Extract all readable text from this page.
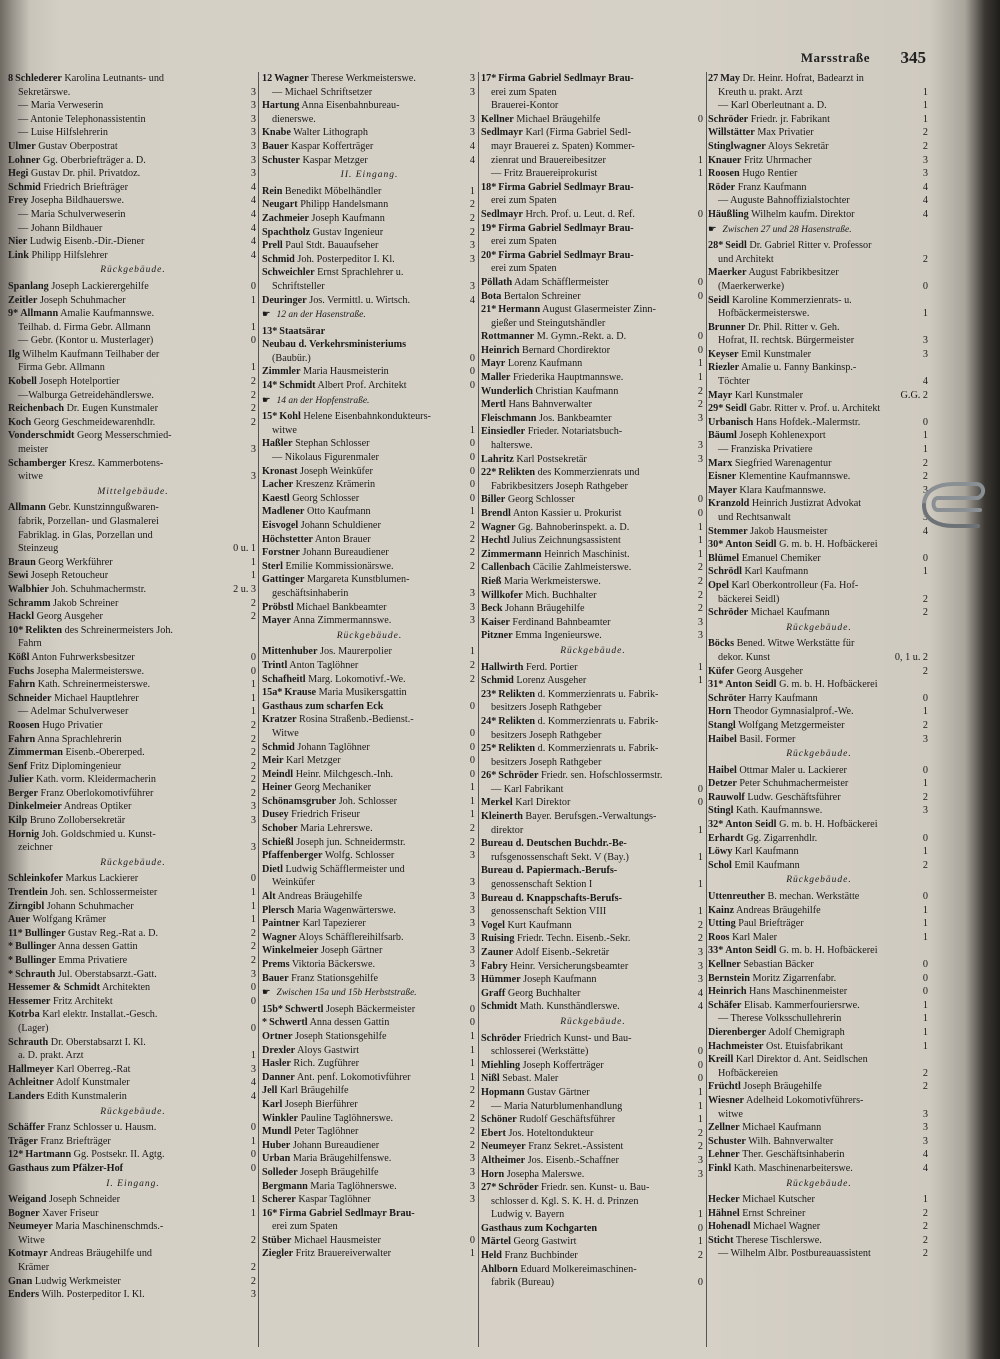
Marsstraße 345
8 Schlederer Karolina Leutnants- und
Sekretärswe.	3
— Maria Verweserin	3
— Antonie Telephonassistentin	3
— Luise Hilfslehrerin	3
Ulmer Gustav Oberpostrat	3
Lohner Gg. Oberbriefträger a. D.	3
Hegi Gustav Dr. phil. Privatdoz.	3
Schmid Friedrich Briefträger	4
Frey Josepha Bildhauerswe.	4
— Maria Schulverweserin	4
— Johann Bildhauer	4
Nier Ludwig Eisenb.-Dir.-Diener	4
Link Philipp Hilfslehrer	4
Rückgebäude.
Spanlang Joseph Lackierergehilfe	0
Zeitler Joseph Schuhmacher	1
9* Allmann Amalie Kaufmannswe.
Teilhab. d. Firma Gebr. Allmann	1
— Gebr. (Kontor u. Musterlager)	0
Ilg Wilhelm Kaufmann Teilhaber der
Firma Gebr. Allmann	1
Kobell Joseph Hotelportier	2
—Walburga Getreidehändlerswe.	2
Reichenbach Dr. Eugen Kunstmaler	2
Koch Georg Geschmeidewarenhdlr.	2
Vonderschmidt Georg Messerschmied-
meister	3
Schamberger Kresz. Kammerbotens-
witwe	3
Mittelgebäude.
Allmann Gebr. Kunstzinngußwaren-
fabrik, Porzellan- und Glasmalerei
Fabriklag. in Glas, Porzellan und
Steinzeug	0 u. 1
Braun Georg Werkführer	1
Sewi Joseph Retoucheur	1
Walbhier Joh. Schuhmachermstr.	2 u. 3
Schramm Jakob Schreiner	2
Hackl Georg Ausgeher	2
10* Relikten des Schreinermeisters Joh.
Fahrn
Kößl Anton Fuhrwerksbesitzer	0
Fuchs Josepha Malermeisterswe.	0
Fahrn Kath. Schreinermeisterswe.	1
Schneider Michael Hauptlehrer	1
— Adelmar Schulverweser	1
Roosen Hugo Privatier	2
Fahrn Anna Sprachlehrerin	2
Zimmerman Eisenb.-Obererped.	2
Senf Fritz Diplomingenieur	2
Julier Kath. vorm. Kleidermacherin	2
Berger Franz Oberlokomotivführer	2
Dinkelmeier Andreas Optiker	3
Kilp Bruno Zollobersekretär	3
Hornig Joh. Goldschmied u. Kunst-
zeichner	3
Rückgebäude.
Schleinkofer Markus Lackierer	0
Trentlein Joh. sen. Schlossermeister	1
Zirngibl Johann Schuhmacher	1
Auer Wolfgang Krämer	1
11* Bullinger Gustav Reg.-Rat a. D.	2
* Bullinger Anna dessen Gattin	2
* Bullinger Emma Privatiere	2
* Schrauth Jul. Oberstabsarzt.-Gatt.	3
Hessemer & Schmidt Architekten	0
Hessemer Fritz Architekt	0
Kotrba Karl elektr. Installat.-Gesch.
(Lager)	0
Schrauth Dr. Oberstabsarzt I. Kl.
a. D. prakt. Arzt	1
Hallmeyer Karl Oberreg.-Rat	3
Achleitner Adolf Kunstmaler	4
Landers Edith Kunstmalerin	4
Rückgebäude.
Schäffer Franz Schlosser u. Hausm.	0
Träger Franz Briefträger	1
12* Hartmann Gg. Postsekr. II. Agtg.	0
Gasthaus zum Pfälzer-Hof	0
I. Eingang.
Weigand Joseph Schneider	1
Bogner Xaver Friseur	1
Neumeyer Maria Maschinenschmds.-
Witwe	2
Kotmayr Andreas Bräugehilfe und
Krämer	2
Gnan Ludwig Werkmeister	2
Enders Wilh. Posterpeditor I. Kl.	3
12 Wagner Therese Werkmeisterswe.	3
— Michael Schriftsetzer	3
Hartung Anna Eisenbahnbureau-
dienerswe.	3
Knabe Walter Lithograph	3
Bauer Kaspar Kofferträger	4
Schuster Kaspar Metzger	4
II. Eingang.
Rein Benedikt Möbelhändler	1
Neugart Philipp Handelsmann	2
Zachmeier Joseph Kaufmann	2
Spachtholz Gustav Ingenieur	2
Prell Paul Stdt. Bauaufseher	3
Schmid Joh. Posterpeditor I. Kl.	3
Schweichler Ernst Sprachlehrer u.
Schriftsteller	3
Deuringer Jos. Vermittl. u. Wirtsch.	4
☛ 12 an der Hasenstraße.
13* Staatsärar
Neubau d. Verkehrsministeriums
(Baubür.)	0
Zimmler Maria Hausmeisterin	0
14* Schmidt Albert Prof. Architekt	0
☛ 14 an der Hopfenstraße.
15* Kohl Helene Eisenbahnkondukteurs-
witwe	1
Haßler Stephan Schlosser	0
— Nikolaus Figurenmaler	0
Kronast Joseph Weinküfer	0
Lacher Kreszenz Krämerin	0
Kaestl Georg Schlosser	0
Madlener Otto Kaufmann	1
Eisvogel Johann Schuldiener	2
Höchstetter Anton Brauer	2
Forstner Johann Bureaudiener	2
Sterl Emilie Kommissionärswe.	2
Gattinger Margareta Kunstblumen-
geschäftsinhaberin	3
Pröbstl Michael Bankbeamter	3
Mayer Anna Zimmermannswe.	3
Rückgebäude.
Mittenhuber Jos. Maurerpolier	1
Trintl Anton Taglöhner	2
Schafheitl Marg. Lokomotivf.-We.	2
15a* Krause Maria Musikersgattin
Gasthaus zum scharfen Eck	0
Kratzer Rosina Straßenb.-Bedienst.-
Witwe	0
Schmid Johann Taglöhner	0
Meir Karl Metzger	0
Meindl Heinr. Milchgesch.-Inh.	0
Heiner Georg Mechaniker	1
Schönamsgruber Joh. Schlosser	1
Dusey Friedrich Friseur	1
Schober Maria Lehrerswe.	2
Schießl Joseph jun. Schneidermstr.	2
Pfaffenberger Wolfg. Schlosser	3
Dietl Ludwig Schäfflermeister und
Weinküfer	3
Alt Andreas Bräugehilfe	3
Plersch Maria Wagenwärterswe.	3
Paintner Karl Tapezierer	3
Wagner Aloys Schäfflereihilfsarb.	3
Winkelmeier Joseph Gärtner	3
Prems Viktoria Bäckerswe.	3
Bauer Franz Stationsgehilfe	3
☛ Zwischen 15a und 15b Herbststraße.
15b* Schwertl Joseph Bäckermeister	0
* Schwertl Anna dessen Gattin	0
Ortner Joseph Stationsgehilfe	1
Drexler Aloys Gastwirt	1
Hasler Rich. Zugführer	1
Danner Ant. penf. Lokomotivführer	1
Jell Karl Bräugehilfe	2
Karl Joseph Bierführer	2
Winkler Pauline Taglöhnerswe.	2
Mundl Peter Taglöhner	2
Huber Johann Bureaudiener	2
Urban Maria Bräugehilfenswe.	3
Solleder Joseph Bräugehilfe	3
Bergmann Maria Taglöhnerswe.	3
Scherer Kaspar Taglöhner	3
16* Firma Gabriel Sedlmayr Brau-
erei zum Spaten
Stüber Michael Hausmeister	0
Ziegler Fritz Brauereiverwalter	1
17* Firma Gabriel Sedlmayr Brau-
erei zum Spaten
Brauerei-Kontor
Kellner Michael Bräugehilfe	0
Sedlmayr Karl (Firma Gabriel Sedl-
mayr Brauerei z. Spaten) Kommer-
zienrat und Brauereibesitzer	1
— Fritz Brauereiprokurist	1
18* Firma Gabriel Sedlmayr Brau-
erei zum Spaten
Sedlmayr Hrch. Prof. u. Leut. d. Ref.	0
19* Firma Gabriel Sedlmayr Brau-
erei zum Spaten
20* Firma Gabriel Sedlmayr Brau-
erei zum Spaten
Pöllath Adam Schäfflermeister	0
Bota Bertalon Schreiner	0
21* Hermann August Glasermeister Zinn-
gießer und Steingutshändler
Rottmanner M. Gymn.-Rekt. a. D.	0
Heinrich Bernard Chordirektor	0
Mayr Lorenz Kaufmann	1
Maller Friederika Hauptmannswe.	1
Wunderlich Christian Kaufmann	2
Mertl Hans Bahnverwalter	2
Fleischmann Jos. Bankbeamter	3
Einsiedler Frieder. Notariatsbuch-
halterswe.	3
Lahritz Karl Postsekretär	3
22* Relikten des Kommerzienrats und
Fabrikbesitzers Joseph Rathgeber
Biller Georg Schlosser	0
Brendl Anton Kassier u. Prokurist	0
Wagner Gg. Bahnoberinspekt. a. D.	1
Hechtl Julius Zeichnungsassistent	1
Zimmermann Heinrich Maschinist.	1
Callenbach Cäcilie Zahlmeisterswe.	2
Rieß Maria Werkmeisterswe.	2
Willkofer Mich. Buchhalter	2
Beck Johann Bräugehilfe	2
Kaiser Ferdinand Bahnbeamter	3
Pitzner Emma Ingenieurswe.	3
Rückgebäude.
Hallwirth Ferd. Portier	1
Schmid Lorenz Ausgeher	1
23* Relikten d. Kommerzienrats u. Fabrik-
besitzers Joseph Rathgeber
24* Relikten d. Kommerzienrats u. Fabrik-
besitzers Joseph Rathgeber
25* Relikten d. Kommerzienrats u. Fabrik-
besitzers Joseph Rathgeber
26* Schröder Friedr. sen. Hofschlossermstr.
— Karl Fabrikant	0
Merkel Karl Direktor	0
Kleinerth Bayer. Berufsgen.-Verwaltungs-
direktor	1
Bureau d. Deutschen Buchdr.-Be-
rufsgenossenschaft Sekt. V (Bay.)	1
Bureau d. Papiermach.-Berufs-
genossenschaft Sektion I	1
Bureau d. Knappschafts-Berufs-
genossenschaft Sektion VIII	1
Vogel Kurt Kaufmann	2
Ruising Friedr. Techn. Eisenb.-Sekr.	2
Zauner Adolf Eisenb.-Sekretär	3
Fabry Heinr. Versicherungsbeamter	3
Hümmer Joseph Kaufmann	3
Graff Georg Buchhalter	4
Schmidt Math. Kunsthändlerswe.	4
Rückgebäude.
Schröder Friedrich Kunst- und Bau-
schlosserei (Werkstätte)	0
Miehling Joseph Kofferträger	0
Nißl Sebast. Maler	0
Hopmann Gustav Gärtner	1
— Maria Naturblumenhandlung	1
Schöner Rudolf Geschäftsführer	1
Ebert Jos. Hoteltondukteur	2
Neumeyer Franz Sekret.-Assistent	2
Altheimer Jos. Eisenb.-Schaffner	3
Horn Josepha Malerswe.	3
27* Schröder Friedr. sen. Kunst- u. Bau-
schlosser d. Kgl. S. K. H. d. Prinzen
Ludwig v. Bayern	1
Gasthaus zum Kochgarten	0
Märtel Georg Gastwirt	1
Held Franz Buchbinder	2
Ahlborn Eduard Molkereimaschinen-
fabrik (Bureau)	0
27 May Dr. Heinr. Hofrat, Badearzt in
Kreuth u. prakt. Arzt	1
— Karl Oberleutnant a. D.	1
Schröder Friedr. jr. Fabrikant	1
Willstätter Max Privatier	2
Stinglwagner Aloys Sekretär	2
Knauer Fritz Uhrmacher	3
Roosen Hugo Rentier	3
Röder Franz Kaufmann	4
— Auguste Bahnoffizialstochter	4
Häußling Wilhelm kaufm. Direktor	4
☛ Zwischen 27 und 28 Hasenstraße.
28* Seidl Dr. Gabriel Ritter v. Professor
und Architekt	2
Maerker August Fabrikbesitzer
(Maerkerwerke)	0
Seidl Karoline Kommerzienrats- u.
Hofbäckermeisterswe.	1
Brunner Dr. Phil. Ritter v. Geh.
Hofrat, II. rechtsk. Bürgermeister	3
Keyser Emil Kunstmaler	3
Riezler Amalie u. Fanny Bankinsp.-
Töchter	4
Mayr Karl Kunstmaler	G.G. 2
29* Seidl Gabr. Ritter v. Prof. u. Architekt
Urbanisch Hans Hofdek.-Malermstr.	0
Bäuml Joseph Kohlenexport	1
— Franziska Privatiere	1
Marx Siegfried Warenagentur	2
Eisner Klementine Kaufmannswe.	2
Mayer Klara Kaufmannswe.	3
Kranzold Heinrich Justizrat Advokat
und Rechtsanwalt	3
Stemmer Jakob Hausmeister	4
30* Anton Seidl G. m. b. H. Hofbäckerei
Blümel Emanuel Chemiker	0
Schrödl Karl Kaufmann	1
Opel Karl Oberkontrolleur (Fa. Hof-
bäckerei Seidl)	2
Schröder Michael Kaufmann	2
Rückgebäude.
Böcks Bened. Witwe Werkstätte für
dekor. Kunst	0, 1 u. 2
Küfer Georg Ausgeher	2
31* Anton Seidl G. m. b. H. Hofbäckerei
Schröter Harry Kaufmann	0
Horn Theodor Gymnasialprof.-We.	1
Stangl Wolfgang Metzgermeister	2
Haibel Basil. Former	3
Rückgebäude.
Haibel Ottmar Maler u. Lackierer	0
Detzer Peter Schuhmachermeister	1
Rauwolf Ludw. Geschäftsführer	2
Stingl Kath. Kaufmannswe.	3
32* Anton Seidl G. m. b. H. Hofbäckerei
Erhardt Gg. Zigarrenhdlr.	0
Löwy Karl Kaufmann	1
Schol Emil Kaufmann	2
Rückgebäude.
Uttenreuther B. mechan. Werkstätte	0
Kainz Andreas Bräugehilfe	1
Utting Paul Briefträger	1
Roos Karl Maler	1
33* Anton Seidl G. m. b. H. Hofbäckerei
Kellner Sebastian Bäcker	0
Bernstein Moritz Zigarrenfabr.	0
Heinrich Hans Maschinenmeister	0
Schäfer Elisab. Kammerfouriersrwe.	1
— Therese Volksschullehrerin	1
Dierenberger Adolf Chemigraph	1
Hachmeister Ost. Etuisfabrikant	1
Kreill Karl Direktor d. Ant. Seidlschen
Hofbäckereien	2
Früchtl Joseph Bräugehilfe	2
Wiesner Adelheid Lokomotivführers-
witwe	3
Zellner Michael Kaufmann	3
Schuster Wilh. Bahnverwalter	3
Lehner Ther. Geschäftsinhaberin	4
Finkl Kath. Maschinenarbeiterswe.	4
Rückgebäude.
Hecker Michael Kutscher	1
Hähnel Ernst Schreiner	2
Hohenadl Michael Wagner	2
Sticht Therese Tischlerswe.	2
— Wilhelm Albr. Postbureauassistent	2
